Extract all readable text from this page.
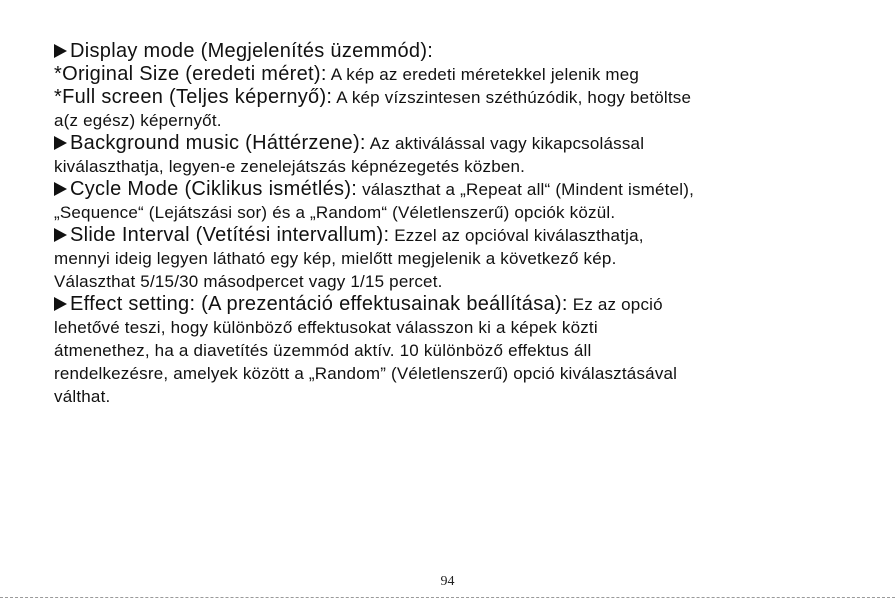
Display mode (Megjelenítés üzemmód):
*Original Size (eredeti méret): A kép az eredeti méretekkel jelenik meg
*Full screen (Teljes képernyő): A kép vízszintesen széthúzódik, hogy betöltse
a(z egész) képernyőt.
Background music (Háttérzene): Az aktiválással vagy kikapcsolással
kiválaszthatja, legyen-e zenelejátszás képnézegetés közben.
Cycle Mode (Ciklikus ismétlés): választhat a „Repeat all“ (Mindent ismétel),
„Sequence“ (Lejátszási sor) és a „Random“ (Véletlenszerű) opciók közül.
Slide Interval (Vetítési intervallum): Ezzel az opcióval kiválaszthatja,
mennyi ideig legyen látható egy kép, mielőtt megjelenik a következő kép.
Választhat 5/15/30 másodpercet vagy 1/15 percet.
Effect setting: (A prezentáció effektusainak beállítása): Ez az opció
lehetővé teszi, hogy különböző effektusokat válasszon ki a képek közti
átmenethez, ha a diavetítés üzemmód aktív. 10 különböző effektus áll
rendelkezésre, amelyek között a „Random” (Véletlenszerű) opció kiválasztásával
válthat.
94
